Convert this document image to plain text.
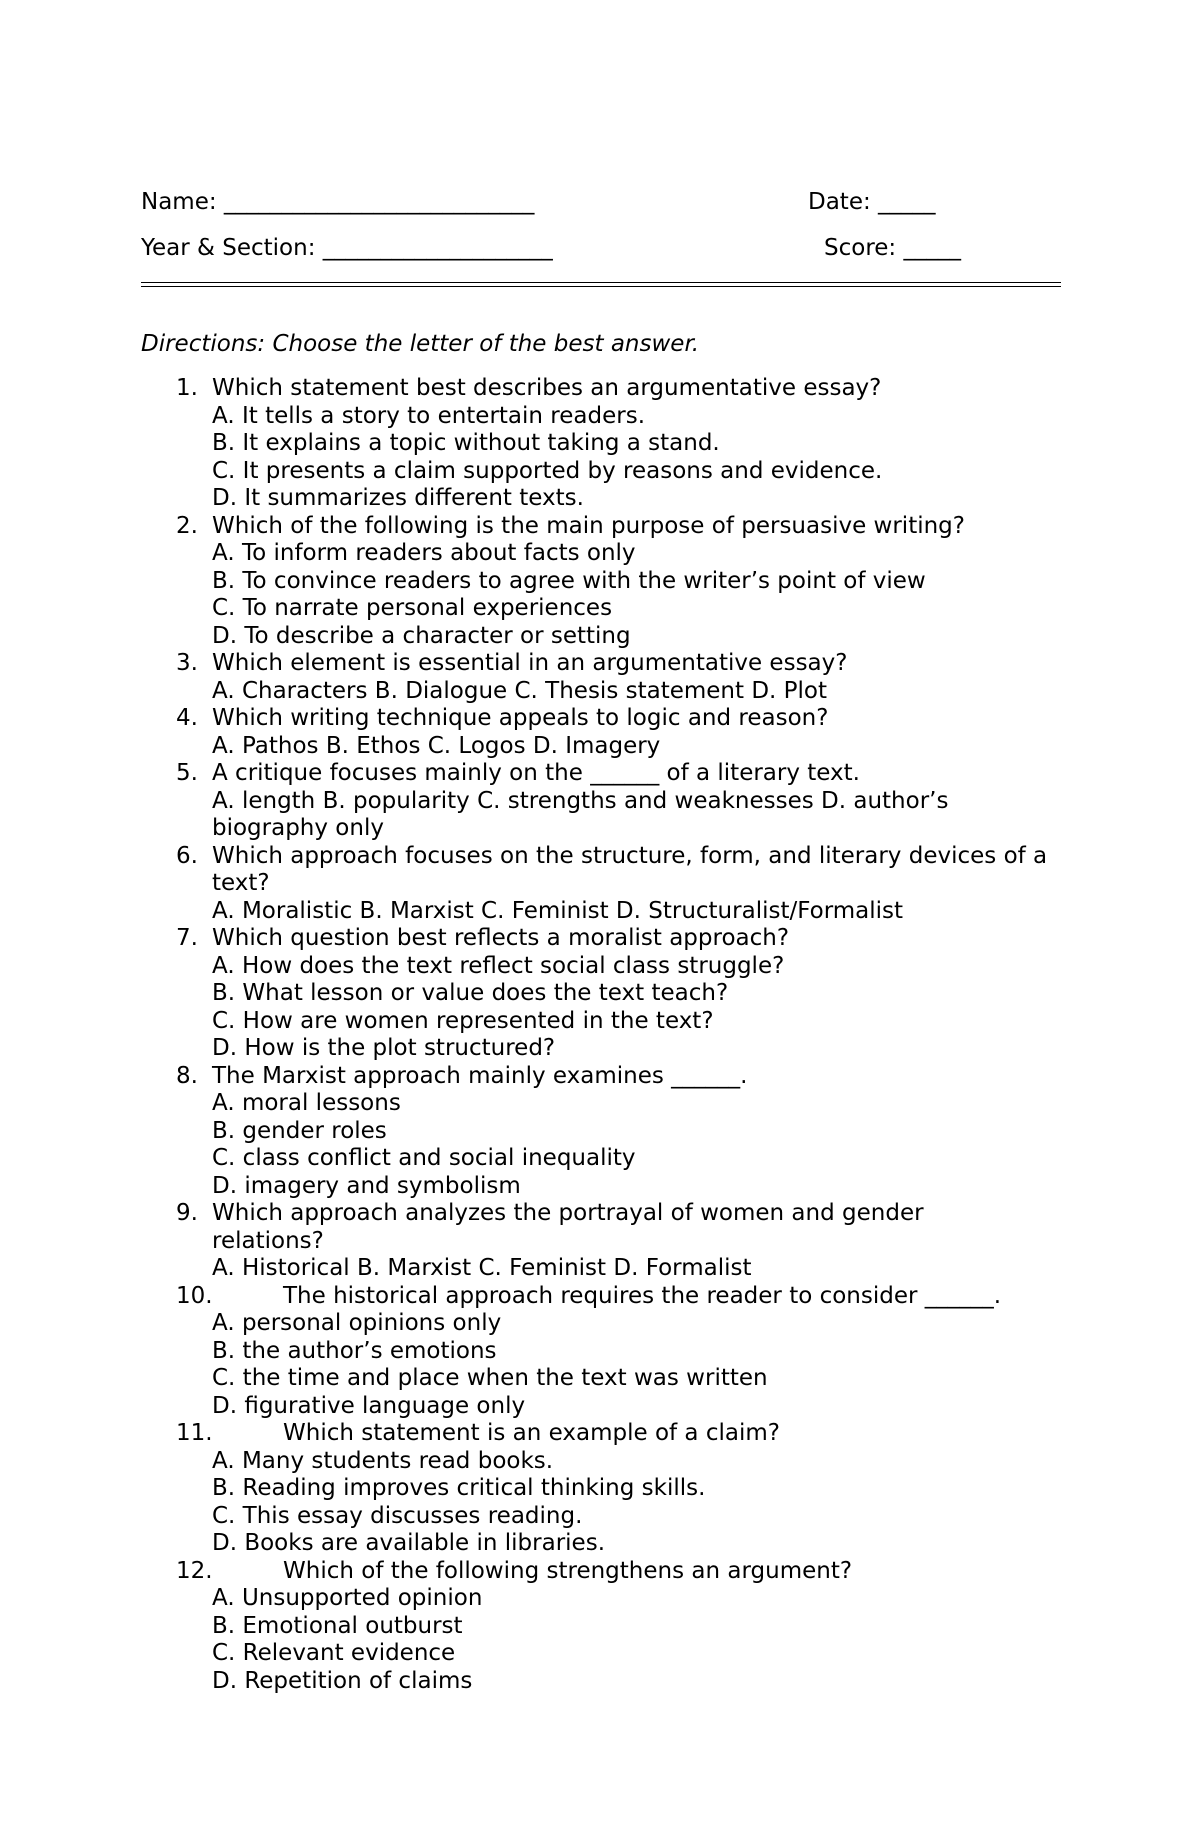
Name: ___________________________	Date: _____
Year & Section: ____________________	Score: _____
Directions: Choose the letter of the best answer.
1. Which statement best describes an argumentative essay?
A. It tells a story to entertain readers.
B. It explains a topic without taking a stand.
C. It presents a claim supported by reasons and evidence.
D. It summarizes different texts.
2. Which of the following is the main purpose of persuasive writing?
A. To inform readers about facts only
B. To convince readers to agree with the writer’s point of view
C. To narrate personal experiences
D. To describe a character or setting
3. Which element is essential in an argumentative essay?
A. Characters B. Dialogue C. Thesis statement D. Plot
4. Which writing technique appeals to logic and reason?
A. Pathos B. Ethos C. Logos D. Imagery
5. A critique focuses mainly on the ______ of a literary text.
A. length B. popularity C. strengths and weaknesses D. author’s biography only
6. Which approach focuses on the structure, form, and literary devices of a text?
A. Moralistic B. Marxist C. Feminist D. Structuralist/Formalist
7. Which question best reflects a moralist approach?
A. How does the text reflect social class struggle?
B. What lesson or value does the text teach?
C. How are women represented in the text?
D. How is the plot structured?
8. The Marxist approach mainly examines ______.
A. moral lessons
B. gender roles
C. class conflict and social inequality
D. imagery and symbolism
9. Which approach analyzes the portrayal of women and gender relations?
A. Historical B. Marxist C. Feminist D. Formalist
10.	The historical approach requires the reader to consider ______.
A. personal opinions only
B. the author’s emotions
C. the time and place when the text was written
D. figurative language only
11.	Which statement is an example of a claim?
A. Many students read books.
B. Reading improves critical thinking skills.
C. This essay discusses reading.
D. Books are available in libraries.
12.	Which of the following strengthens an argument?
A. Unsupported opinion
B. Emotional outburst
C. Relevant evidence
D. Repetition of claims
